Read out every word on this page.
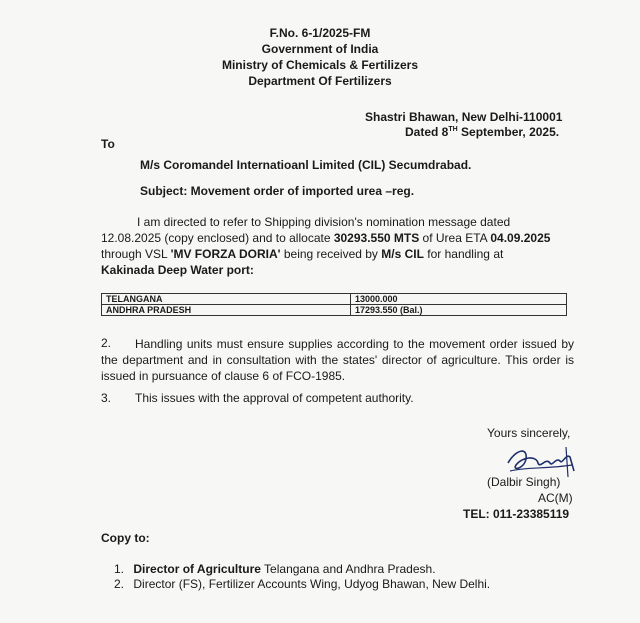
F.No. 6-1/2025-FM
Government of India
Ministry of Chemicals & Fertilizers
Department Of Fertilizers
Shastri Bhawan, New Delhi-110001
Dated 8TH September, 2025.
To
M/s Coromandel Internatioanl Limited (CIL) Secumdrabad.
Subject: Movement order of imported urea –reg.
I am directed to refer to Shipping division's nomination message dated
12.08.2025 (copy enclosed) and to allocate 30293.550 MTS of Urea ETA 04.09.2025
through VSL 'MV FORZA DORIA' being received by M/s CIL for handling at
Kakinada Deep Water port:
TELANGANA	13000.000
ANDHRA PRADESH	17293.550 (Bal.)
2.	Handling units must ensure supplies according to the movement order issued by the department and in consultation with the states' director of agriculture. This order is issued in pursuance of clause 6 of FCO-1985.
3. This issues with the approval of competent authority.
Yours sincerely,
(Dalbir Singh)
AC(M)
TEL: 011-23385119
Copy to:
1. Director of Agriculture Telangana and Andhra Pradesh.
2. Director (FS), Fertilizer Accounts Wing, Udyog Bhawan, New Delhi.
